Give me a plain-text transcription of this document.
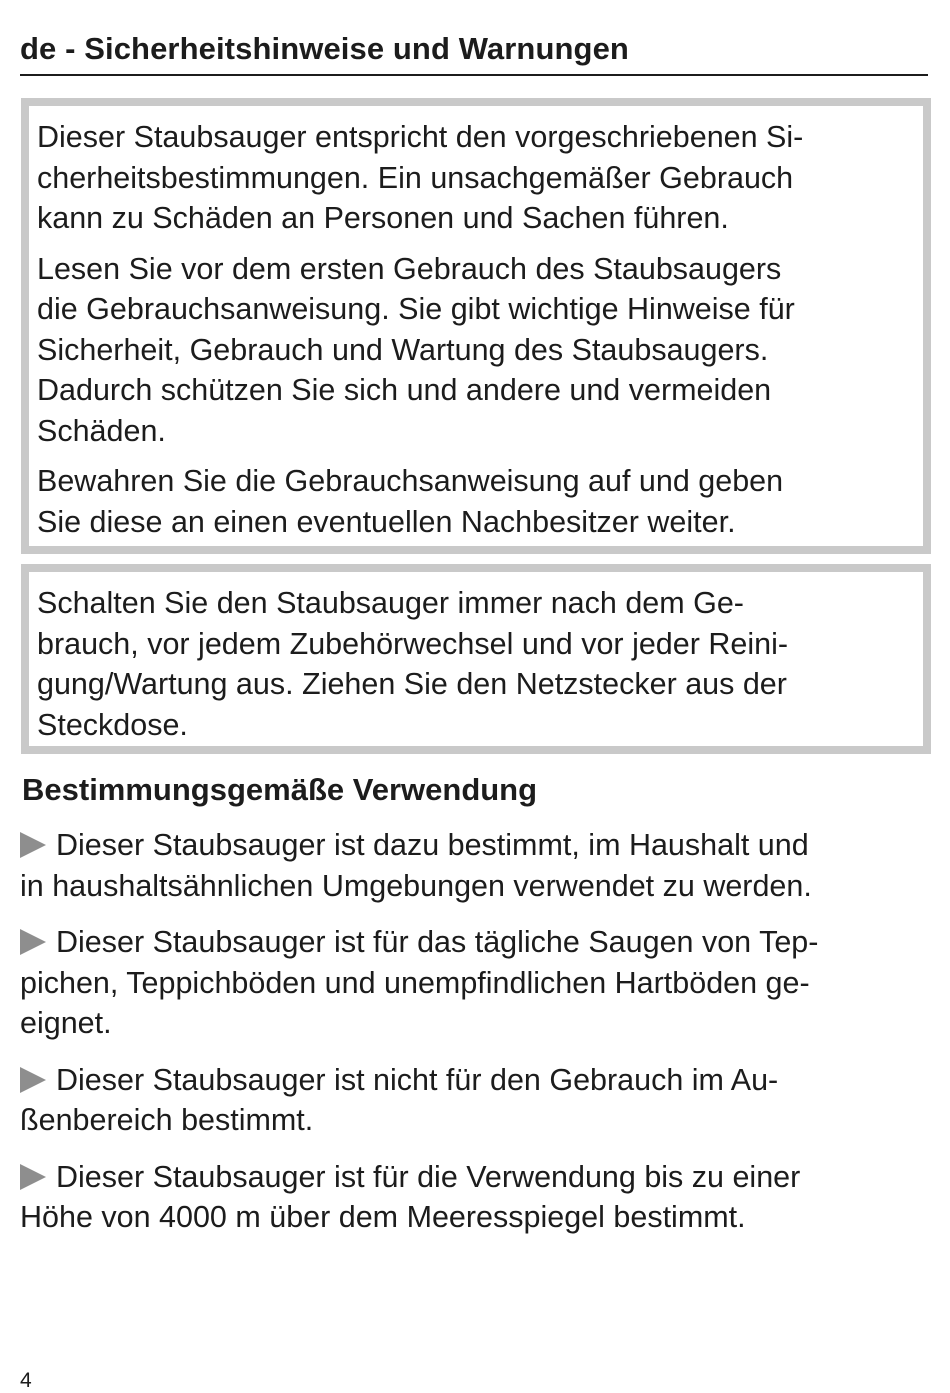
de - Sicherheitshinweise und Warnungen

Dieser Staubsauger entspricht den vorgeschriebenen Si-
cherheitsbestimmungen. Ein unsachgemäßer Gebrauch
kann zu Schäden an Personen und Sachen führen.

Lesen Sie vor dem ersten Gebrauch des Staubsaugers
die Gebrauchsanweisung. Sie gibt wichtige Hinweise für
Sicherheit, Gebrauch und Wartung des Staubsaugers.
Dadurch schützen Sie sich und andere und vermeiden
Schäden.

Bewahren Sie die Gebrauchsanweisung auf und geben
Sie diese an einen eventuellen Nachbesitzer weiter.

Schalten Sie den Staubsauger immer nach dem Ge-
brauch, vor jedem Zubehörwechsel und vor jeder Reini-
gung/Wartung aus. Ziehen Sie den Netzstecker aus der
Steckdose.

Bestimmungsgemäße Verwendung
Dieser Staubsauger ist dazu bestimmt, im Haushalt und
in haushaltsähnlichen Umgebungen verwendet zu werden.
Dieser Staubsauger ist für das tägliche Saugen von Tep-
pichen, Teppichböden und unempfindlichen Hartböden ge-
eignet.
Dieser Staubsauger ist nicht für den Gebrauch im Au-
ßenbereich bestimmt.
Dieser Staubsauger ist für die Verwendung bis zu einer
Höhe von 4000 m über dem Meeresspiegel bestimmt.
4
